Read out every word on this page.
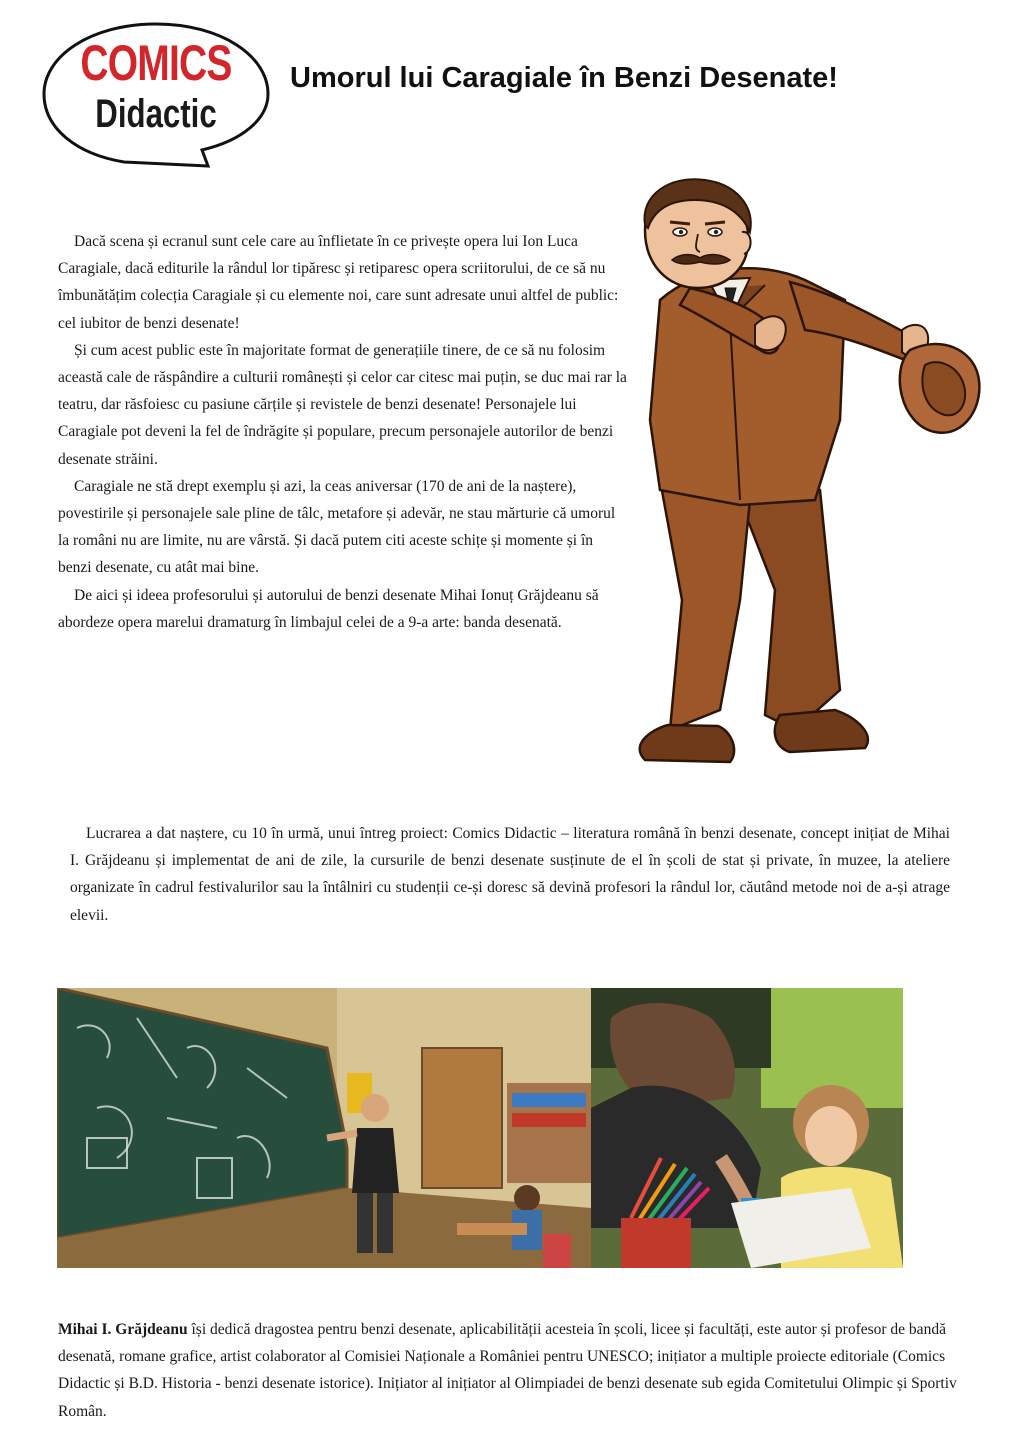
COMICS
Didactic
Umorul lui Caragiale în Benzi Desenate!

Dacă scena și ecranul sunt cele care au înflietate în ce privește opera lui Ion Luca Caragiale, dacă editurile la rândul lor tipăresc și retiparesc opera scriitorului, de ce să nu îmbunătățim colecția Caragiale și cu elemente noi, care sunt adresate unui altfel de public: cel iubitor de benzi desenate!

Și cum acest public este în majoritate format de generațiile tinere, de ce să nu folosim această cale de răspândire a culturii românești și celor car citesc mai puțin, se duc mai rar la teatru, dar răsfoiesc cu pasiune cărțile și revistele de benzi desenate! Personajele lui Caragiale pot deveni la fel de îndrăgite și populare, precum personajele autorilor de benzi desenate străini.

Caragiale ne stă drept exemplu și azi, la ceas aniversar (170 de ani de la naștere), povestirile și personajele sale pline de tâlc, metafore și adevăr, ne stau mărturie că umorul la români nu are limite, nu are vârstă. Și dacă putem citi aceste schițe și momente și în benzi desenate, cu atât mai bine.

De aici și ideea profesorului și autorului de benzi desenate Mihai Ionuț Grăjdeanu să abordeze opera marelui dramaturg în limbajul celei de a 9-a arte: banda desenată.

Lucrarea a dat naștere, cu 10 în urmă, unui întreg proiect: Comics Didactic – literatura română în benzi desenate, concept inițiat de Mihai I. Grăjdeanu și implementat de ani de zile, la cursurile de benzi desenate susținute de el în școli de stat și private, în muzee, la ateliere organizate în cadrul festivalurilor sau la întâlniri cu studenții ce-și doresc să devină profesori la rândul lor, căutând metode noi de a-și atrage elevii.

Mihai I. Grăjdeanu își dedică dragostea pentru benzi desenate, aplicabilității acesteia în școli, licee și facultăți, este autor și profesor de bandă desenată, romane grafice, artist colaborator al Comisiei Naționale a României pentru UNESCO; inițiator a multiple proiecte editoriale (Comics Didactic și B.D. Historia - benzi desenate istorice). Inițiator al inițiator al Olimpiadei de benzi desenate sub egida Comitetului Olimpic și Sportiv Român.
